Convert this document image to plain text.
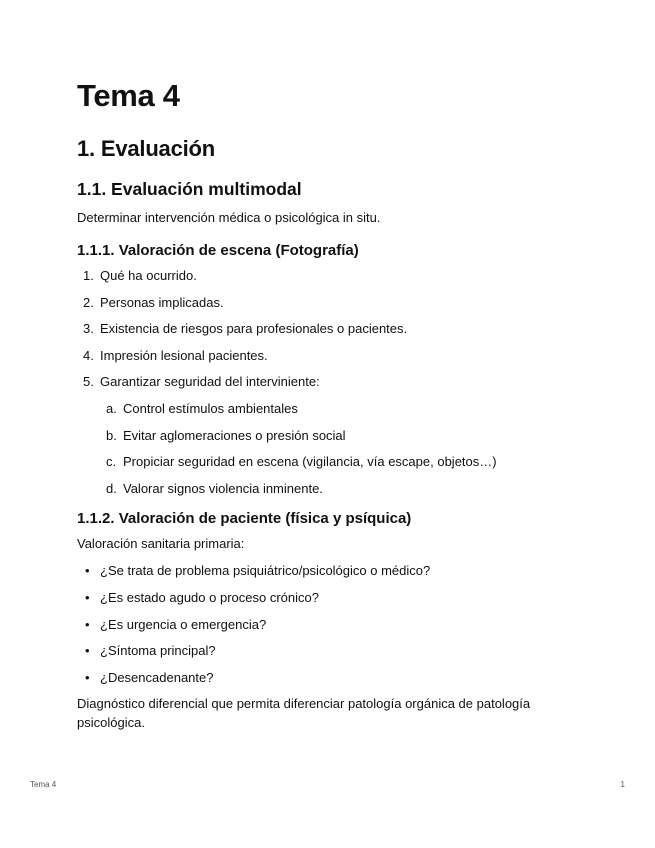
Tema 4
1. Evaluación
1.1. Evaluación multimodal

Determinar intervención médica o psicológica in situ.

1.1.1. Valoración de escena (Fotografía)
1. Qué ha ocurrido.
2. Personas implicadas.
3. Existencia de riesgos para profesionales o pacientes.
4. Impresión lesional pacientes.
5. Garantizar seguridad del interviniente:
a. Control estímulos ambientales
b. Evitar aglomeraciones o presión social
c. Propiciar seguridad en escena (vigilancia, vía escape, objetos…)
d. Valorar signos violencia inminente.
1.1.2. Valoración de paciente (física y psíquica)

Valoración sanitaria primaria:

• ¿Se trata de problema psiquiátrico/psicológico o médico?
• ¿Es estado agudo o proceso crónico?
• ¿Es urgencia o emergencia?
• ¿Síntoma principal?
• ¿Desencadenante?

Diagnóstico diferencial que permita diferenciar patología orgánica de patología psicológica.

Tema 4	1
